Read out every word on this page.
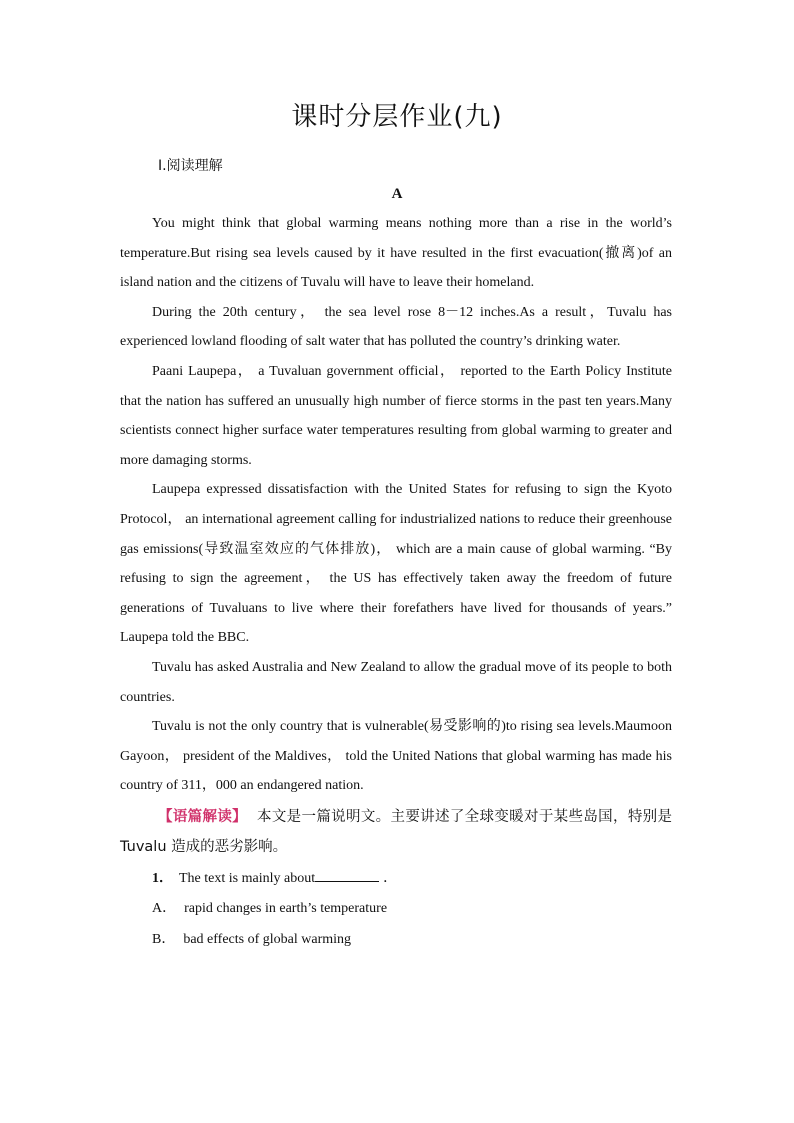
课时分层作业(九)
Ⅰ.阅读理解
A

You might think that global warming means nothing more than a rise in the world’s temperature.But rising sea levels caused by it have resulted in the first evacuation(撤离)of an island nation and the citizens of Tuvalu will have to leave their homeland.

During the 20th century， the sea level rose 8－12 inches.As a result，Tuvalu has experienced lowland flooding of salt water that has polluted the country’s drinking water.

Paani Laupepa， a Tuvaluan government official， reported to the Earth Policy Institute that the nation has suffered an unusually high number of fierce storms in the past ten years.Many scientists connect higher surface water temperatures resulting from global warming to greater and more damaging storms.

Laupepa expressed dissatisfaction with the United States for refusing to sign the Kyoto Protocol， an international agreement calling for industrialized nations to reduce their greenhouse gas emissions(导致温室效应的气体排放)， which are a main cause of global warming. “By refusing to sign the agreement， the US has effectively taken away the freedom of future generations of Tuvaluans to live where their forefathers have lived for thousands of years.” Laupepa told the BBC.

Tuvalu has asked Australia and New Zealand to allow the gradual move of its people to both countries.

Tuvalu is not the only country that is vulnerable(易受影响的)to rising sea levels.Maumoon Gayoon， president of the Maldives， told the United Nations that global warming has made his country of 311，000 an endangered nation.

【语篇解读】 本文是一篇说明文。主要讲述了全球变暖对于某些岛国，特别是 Tuvalu 造成的恶劣影响。

1． The text is mainly about	．
A． rapid changes in earth’s temperature
B． bad effects of global warming
